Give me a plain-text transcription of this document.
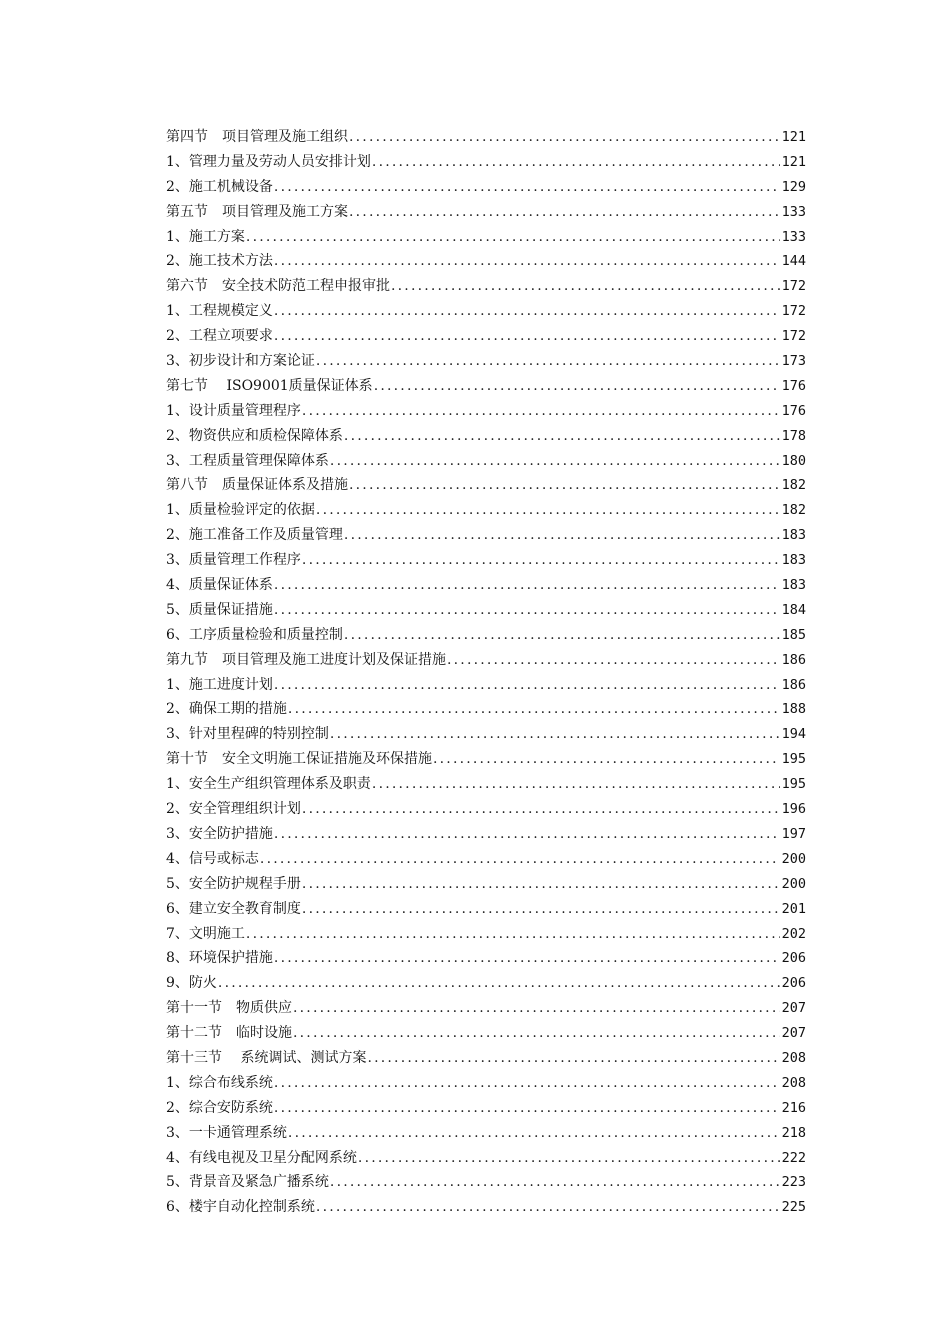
第四节　项目管理及施工组织 .....	121
1、管理力量及劳动人员安排计划 .....	121
2、施工机械设备 .....	129
第五节　项目管理及施工方案 .....	133
1、施工方案 .....	133
2、施工技术方法 .....	144
第六节　安全技术防范工程申报审批 .....	172
1、工程规模定义 .....	172
2、工程立项要求 .....	172
3、初步设计和方案论证 .....	173
第七节　 ISO9001质量保证体系 .....	176
1、设计质量管理程序 .....	176
2、物资供应和质检保障体系 .....	178
3、工程质量管理保障体系 .....	180
第八节　质量保证体系及措施 .....	182
1、质量检验评定的依据 .....	182
2、施工准备工作及质量管理 .....	183
3、质量管理工作程序 .....	183
4、质量保证体系 .....	183
5、质量保证措施 .....	184
6、工序质量检验和质量控制 .....	185
第九节　项目管理及施工进度计划及保证措施 .....	186
1、施工进度计划 .....	186
2、确保工期的措施 .....	188
3、针对里程碑的特别控制 .....	194
第十节　安全文明施工保证措施及环保措施 .....	195
1、安全生产组织管理体系及职责 .....	195
2、安全管理组织计划 .....	196
3、安全防护措施 .....	197
4、信号或标志 .....	200
5、安全防护规程手册 .....	200
6、建立安全教育制度 .....	201
7、文明施工 .....	202
8、环境保护措施 .....	206
9、防火 .....	206
第十一节　物质供应 .....	207
第十二节　临时设施 .....	207
第十三节　 系统调试、测试方案 .....	208
1、综合布线系统 .....	208
2、综合安防系统 .....	216
3、一卡通管理系统 .....	218
4、有线电视及卫星分配网系统 .....	222
5、背景音及紧急广播系统 .....	223
6、楼宇自动化控制系统 .....	225
